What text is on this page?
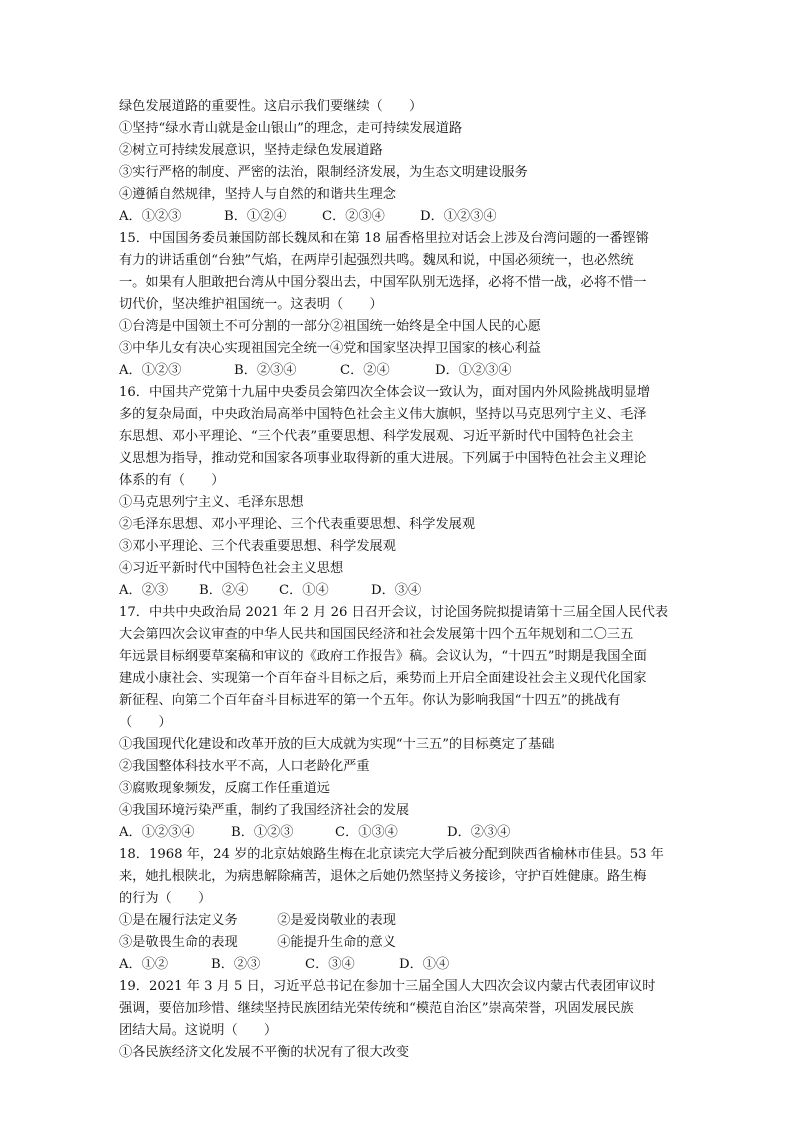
绿色发展道路的重要性。这启示我们要继续（　　）
①坚持“绿水青山就是金山银山”的理念，走可持续发展道路
②树立可持续发展意识，坚持走绿色发展道路
③实行严格的制度、严密的法治，限制经济发展，为生态文明建设服务
④遵循自然规律，坚持人与自然的和谐共生理念
A．①②③	B．①②④	C．②③④	D．①②③④
15．中国国务委员兼国防部长魏凤和在第 18 届香格里拉对话会上涉及台湾问题的一番铿锵
有力的讲话重创“台独”气焰，在两岸引起强烈共鸣。魏凤和说，中国必须统一，也必然统
一。如果有人胆敢把台湾从中国分裂出去，中国军队别无选择，必将不惜一战，必将不惜一
切代价，坚决维护祖国统一。这表明（　　）
①台湾是中国领土不可分割的一部分②祖国统一始终是全中国人民的心愿
③中华儿女有决心实现祖国完全统一④党和国家坚决捍卫国家的核心利益
A．①②③	B．②③④	C．②④	D．①②③④
16．中国共产党第十九届中央委员会第四次全体会议一致认为，面对国内外风险挑战明显增
多的复杂局面，中央政治局高举中国特色社会主义伟大旗帜，坚持以马克思列宁主义、毛泽
东思想、邓小平理论、“三个代表”重要思想、科学发展观、习近平新时代中国特色社会主
义思想为指导，推动党和国家各项事业取得新的重大进展。下列属于中国特色社会主义理论
体系的有（　　）
①马克思列宁主义、毛泽东思想
②毛泽东思想、邓小平理论、三个代表重要思想、科学发展观
③邓小平理论、三个代表重要思想、科学发展观
④习近平新时代中国特色社会主义思想
A．②③	B．②④	C．①④	D．③④
17．中共中央政治局 2021 年 2 月 26 日召开会议，讨论国务院拟提请第十三届全国人民代表
大会第四次会议审查的中华人民共和国国民经济和社会发展第十四个五年规划和二〇三五
年远景目标纲要草案稿和审议的《政府工作报告》稿。会议认为，“十四五”时期是我国全面
建成小康社会、实现第一个百年奋斗目标之后，乘势而上开启全面建设社会主义现代化国家
新征程、向第二个百年奋斗目标进军的第一个五年。你认为影响我国“十四五”的挑战有
（　　）
①我国现代化建设和改革开放的巨大成就为实现“十三五”的目标奠定了基础
②我国整体科技水平不高，人口老龄化严重
③腐败现象频发，反腐工作任重道远
④我国环境污染严重，制约了我国经济社会的发展
A．①②③④	B．①②③	C．①③④	D．②③④
18．1968 年，24 岁的北京姑娘路生梅在北京读完大学后被分配到陕西省榆林市佳县。53 年
来，她扎根陕北，为病患解除痛苦，退休之后她仍然坚持义务接诊，守护百姓健康。路生梅
的行为（　　）
①是在履行法定义务　　　②是爱岗敬业的表现
③是敬畏生命的表现　　　④能提升生命的意义
A．①②	B．②③	C．③④	D．①④
19．2021 年 3 月 5 日，习近平总书记在参加十三届全国人大四次会议内蒙古代表团审议时
强调，要倍加珍惜、继续坚持民族团结光荣传统和“模范自治区”崇高荣誉，巩固发展民族
团结大局。这说明（　　）
①各民族经济文化发展不平衡的状况有了很大改变
